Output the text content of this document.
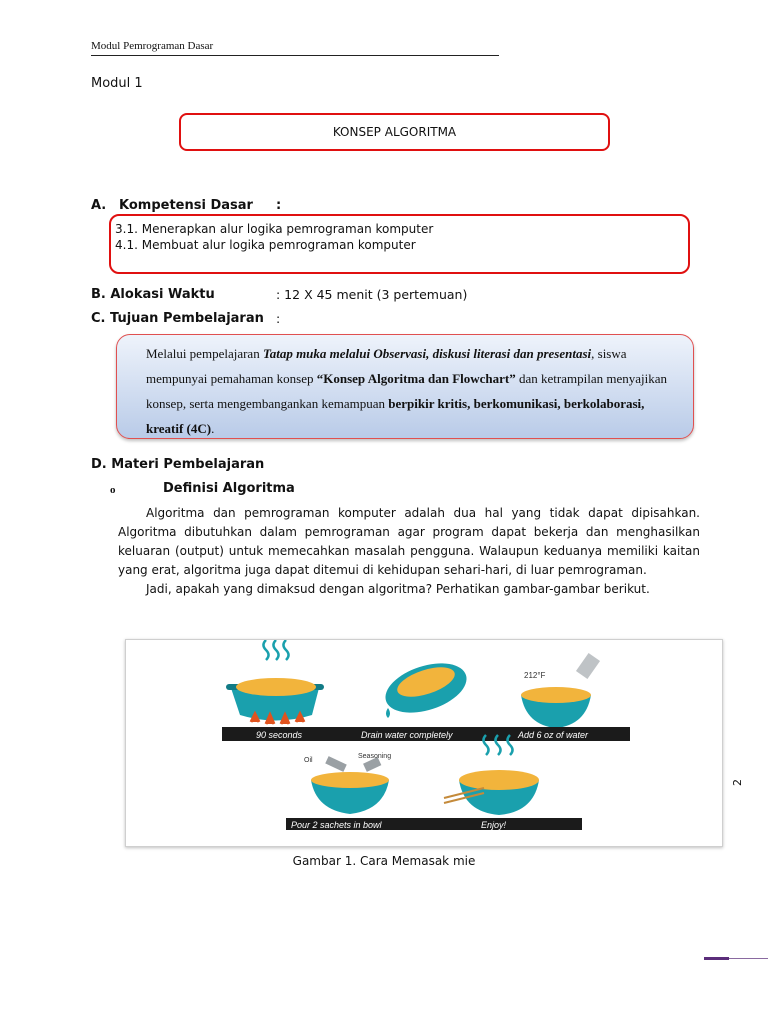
Modul Pemrograman Dasar
Modul 1
KONSEP ALGORITMA
A. Kompetensi Dasar :
3.1. Menerapkan alur logika pemrograman komputer
4.1. Membuat alur logika pemrograman komputer
B. Alokasi Waktu	: 12 X 45 menit (3 pertemuan)
C. Tujuan Pembelajaran :
Melalui pempelajaran Tatap muka melalui Observasi, diskusi literasi dan presentasi, siswa mempunyai pemahaman konsep “Konsep Algoritma dan Flowchart” dan ketrampilan menyajikan konsep, serta mengembangankan kemampuan berpikir kritis, berkomunikasi, berkolaborasi, kreatif (4C).
D. Materi Pembelajaran
o	Definisi Algoritma

Algoritma dan pemrograman komputer adalah dua hal yang tidak dapat dipisahkan. Algoritma dibutuhkan dalam pemrograman agar program dapat bekerja dan menghasilkan keluaran (output) untuk memecahkan masalah pengguna. Walaupun keduanya memiliki kaitan yang erat, algoritma juga dapat ditemui di kehidupan sehari-hari, di luar pemrograman.

Jadi, apakah yang dimaksud dengan algoritma? Perhatikan gambar-gambar berikut.

212°F
90 seconds	Drain water completely	Add 6 oz of water
Oil
Seasoning
Pour 2 sachets in bowl	Enjoy!
Gambar 1. Cara Memasak mie
2
